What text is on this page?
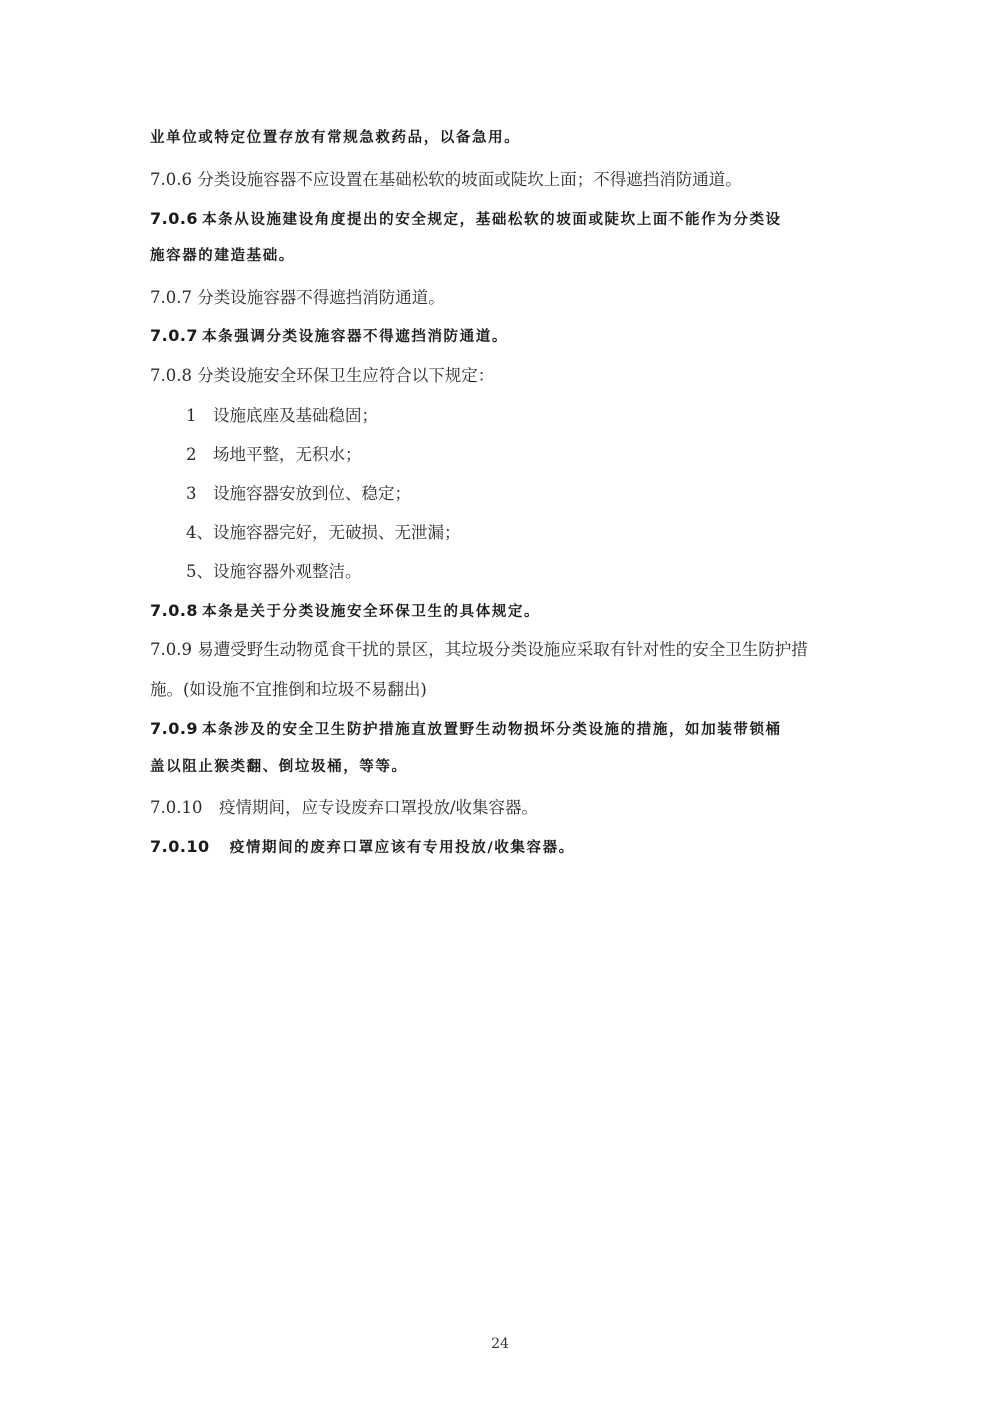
业单位或特定位置存放有常规急救药品，以备急用。
7.0.6 分类设施容器不应设置在基础松软的坡面或陡坎上面；不得遮挡消防通道。
7.0.6 本条从设施建设角度提出的安全规定，基础松软的坡面或陡坎上面不能作为分类设
施容器的建造基础。
7.0.7 分类设施容器不得遮挡消防通道。
7.0.7 本条强调分类设施容器不得遮挡消防通道。
7.0.8 分类设施安全环保卫生应符合以下规定：
1　设施底座及基础稳固；
2　场地平整，无积水；
3　设施容器安放到位、稳定；
4、设施容器完好，无破损、无泄漏；
5、设施容器外观整洁。
7.0.8 本条是关于分类设施安全环保卫生的具体规定。
7.0.9 易遭受野生动物觅食干扰的景区，其垃圾分类设施应采取有针对性的安全卫生防护措
施。(如设施不宜推倒和垃圾不易翻出)
7.0.9 本条涉及的安全卫生防护措施直放置野生动物损坏分类设施的措施，如加装带锁桶
盖以阻止猴类翻、倒垃圾桶，等等。
7.0.10　疫情期间，应专设废弃口罩投放/收集容器。
7.0.10　疫情期间的废弃口罩应该有专用投放/收集容器。
24
